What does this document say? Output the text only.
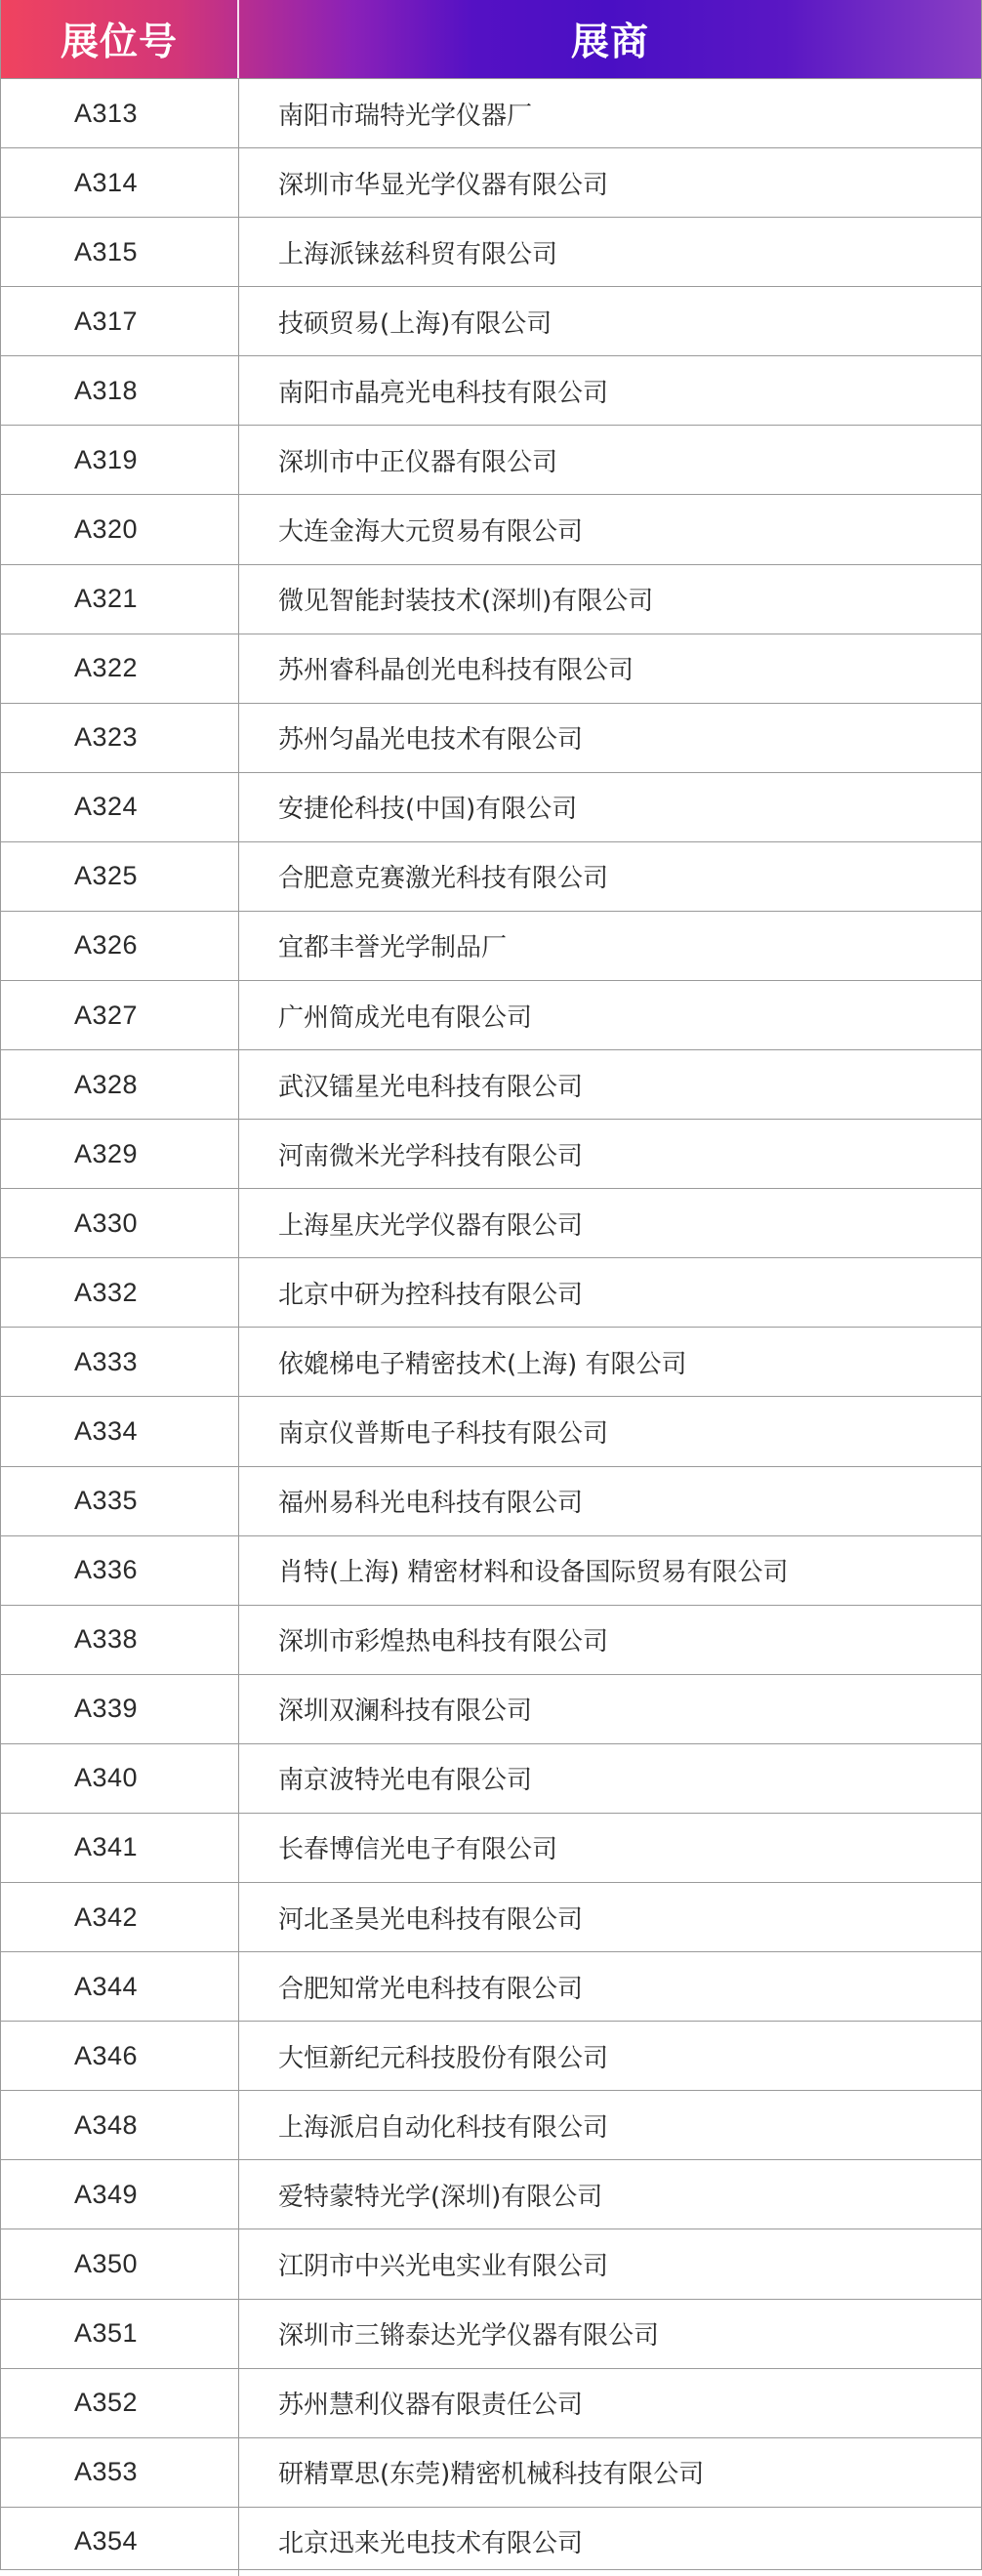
展位号	展商
A313	南阳市瑞特光学仪器厂
A314	深圳市华显光学仪器有限公司
A315	上海派铼兹科贸有限公司
A317	技硕贸易(上海)有限公司
A318	南阳市晶亮光电科技有限公司
A319	深圳市中正仪器有限公司
A320	大连金海大元贸易有限公司
A321	微见智能封装技术(深圳)有限公司
A322	苏州睿科晶创光电科技有限公司
A323	苏州匀晶光电技术有限公司
A324	安捷伦科技(中国)有限公司
A325	合肥意克赛激光科技有限公司
A326	宜都丰誉光学制品厂
A327	广州简成光电有限公司
A328	武汉镭星光电科技有限公司
A329	河南微米光学科技有限公司
A330	上海星庆光学仪器有限公司
A332	北京中研为控科技有限公司
A333	依媲梯电子精密技术(上海) 有限公司
A334	南京仪普斯电子科技有限公司
A335	福州易科光电科技有限公司
A336	肖特(上海) 精密材料和设备国际贸易有限公司
A338	深圳市彩煌热电科技有限公司
A339	深圳双澜科技有限公司
A340	南京波特光电有限公司
A341	长春博信光电子有限公司
A342	河北圣昊光电科技有限公司
A344	合肥知常光电科技有限公司
A346	大恒新纪元科技股份有限公司
A348	上海派启自动化科技有限公司
A349	爱特蒙特光学(深圳)有限公司
A350	江阴市中兴光电实业有限公司
A351	深圳市三锵泰达光学仪器有限公司
A352	苏州慧利仪器有限责任公司
A353	研精覃思(东莞)精密机械科技有限公司
A354	北京迅来光电技术有限公司
